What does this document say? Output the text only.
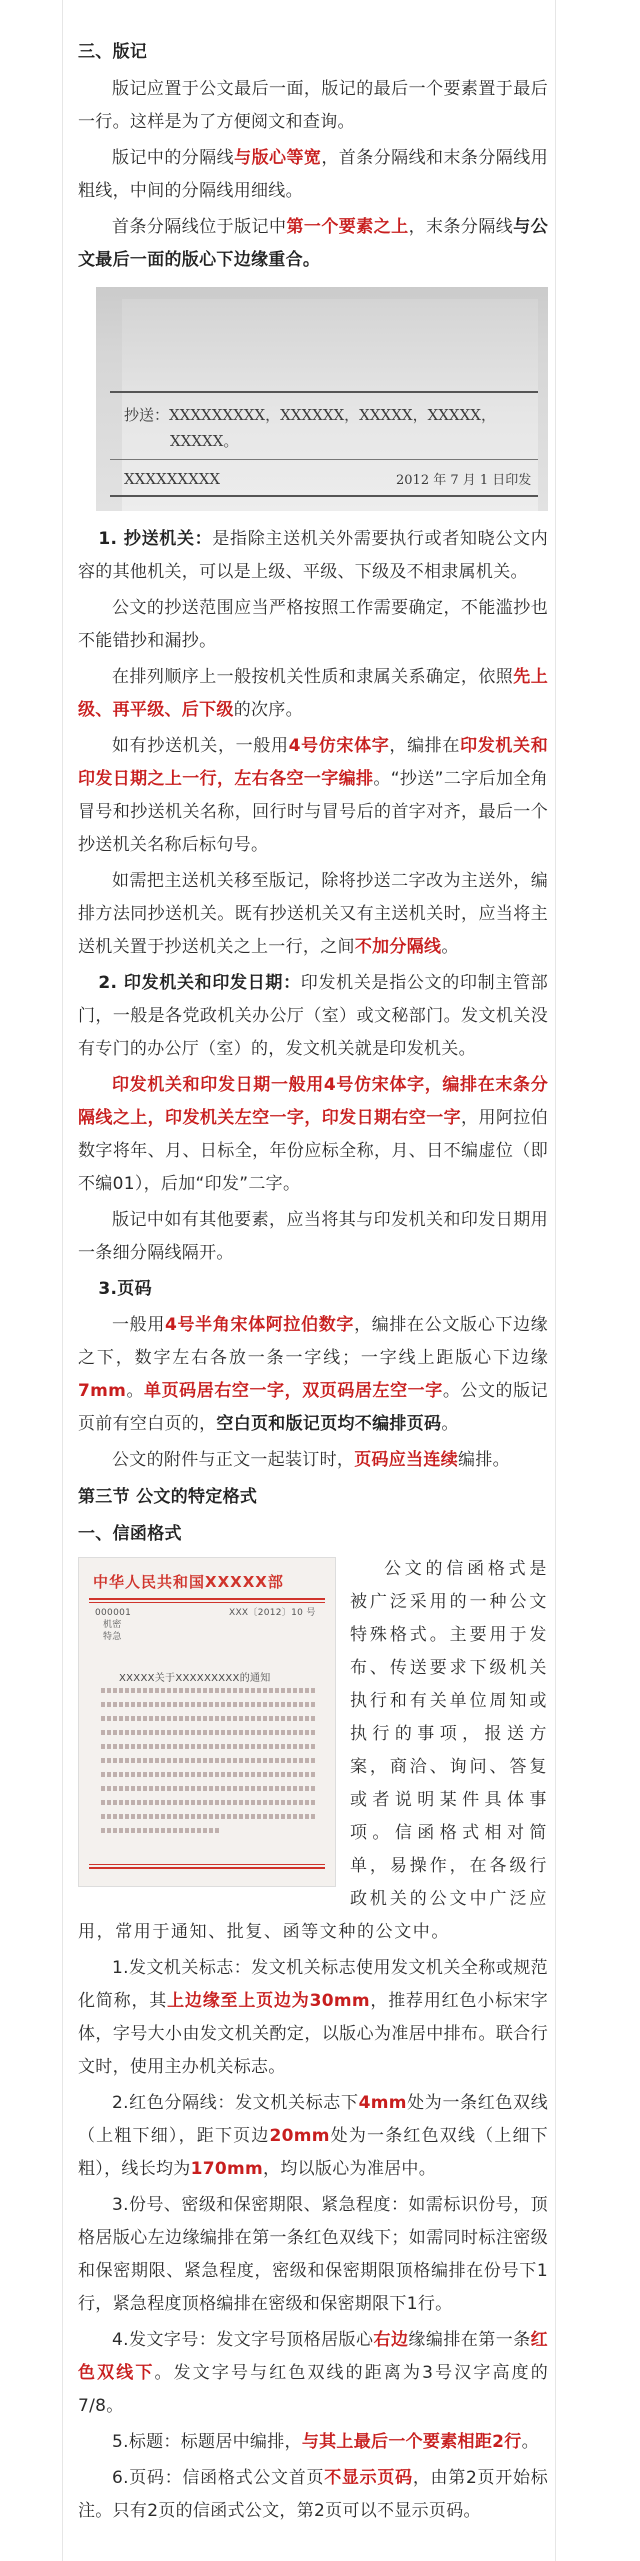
三、版记

版记应置于公文最后一面，版记的最后一个要素置于最后一行。这样是为了方便阅文和查询。

版记中的分隔线与版心等宽，首条分隔线和末条分隔线用粗线，中间的分隔线用细线。

首条分隔线位于版记中第一个要素之上，末条分隔线与公文最后一面的版心下边缘重合。

抄送：XXXXXXXXX，XXXXXX，XXXXX，XXXXX，
XXXXX。
XXXXXXXXX	2012 年 7 月 1 日印发

1. 抄送机关：是指除主送机关外需要执行或者知晓公文内容的其他机关，可以是上级、平级、下级及不相隶属机关。

公文的抄送范围应当严格按照工作需要确定，不能滥抄也不能错抄和漏抄。

在排列顺序上一般按机关性质和隶属关系确定，依照先上级、再平级、后下级的次序。

如有抄送机关，一般用4号仿宋体字，编排在印发机关和印发日期之上一行，左右各空一字编排。“抄送”二字后加全角冒号和抄送机关名称，回行时与冒号后的首字对齐，最后一个抄送机关名称后标句号。

如需把主送机关移至版记，除将抄送二字改为主送外，编排方法同抄送机关。既有抄送机关又有主送机关时，应当将主送机关置于抄送机关之上一行，之间不加分隔线。

2. 印发机关和印发日期：印发机关是指公文的印制主管部门，一般是各党政机关办公厅（室）或文秘部门。发文机关没有专门的办公厅（室）的，发文机关就是印发机关。

印发机关和印发日期一般用4号仿宋体字，编排在末条分隔线之上，印发机关左空一字，印发日期右空一字，用阿拉伯数字将年、月、日标全，年份应标全称，月、日不编虚位（即不编01），后加“印发”二字。

版记中如有其他要素，应当将其与印发机关和印发日期用一条细分隔线隔开。

3.页码

一般用4号半角宋体阿拉伯数字，编排在公文版心下边缘之下，数字左右各放一条一字线；一字线上距版心下边缘7mm。单页码居右空一字，双页码居左空一字。公文的版记页前有空白页的，空白页和版记页均不编排页码。

公文的附件与正文一起装订时，页码应当连续编排。

第三节 公文的特定格式
一、信函格式
中华人民共和国XXXXX部
000001
机密
特急
XXX〔2012〕10 号
XXXXX关于XXXXXXXXX的通知

公文的信函格式是被广泛采用的一种公文特殊格式。主要用于发布、传送要求下级机关执行和有关单位周知或执行的事项，报送方案，商洽、询问、答复或者说明某件具体事项。信函格式相对简单，易操作，在各级行政机关的公文中广泛应用，常用于通知、批复、函等文种的公文中。

1.发文机关标志：发文机关标志使用发文机关全称或规范化简称，其上边缘至上页边为30mm，推荐用红色小标宋字体，字号大小由发文机关酌定，以版心为准居中排布。联合行文时，使用主办机关标志。

2.红色分隔线：发文机关标志下4mm处为一条红色双线（上粗下细），距下页边20mm处为一条红色双线（上细下粗），线长均为170mm，均以版心为准居中。

3.份号、密级和保密期限、紧急程度：如需标识份号，顶格居版心左边缘编排在第一条红色双线下；如需同时标注密级和保密期限、紧急程度，密级和保密期限顶格编排在份号下1行，紧急程度顶格编排在密级和保密期限下1行。

4.发文字号：发文字号顶格居版心右边缘编排在第一条红色双线下。发文字号与红色双线的距离为3号汉字高度的7/8。

5.标题：标题居中编排，与其上最后一个要素相距2行。

6.页码：信函格式公文首页不显示页码，由第2页开始标注。只有2页的信函式公文，第2页可以不显示页码。
